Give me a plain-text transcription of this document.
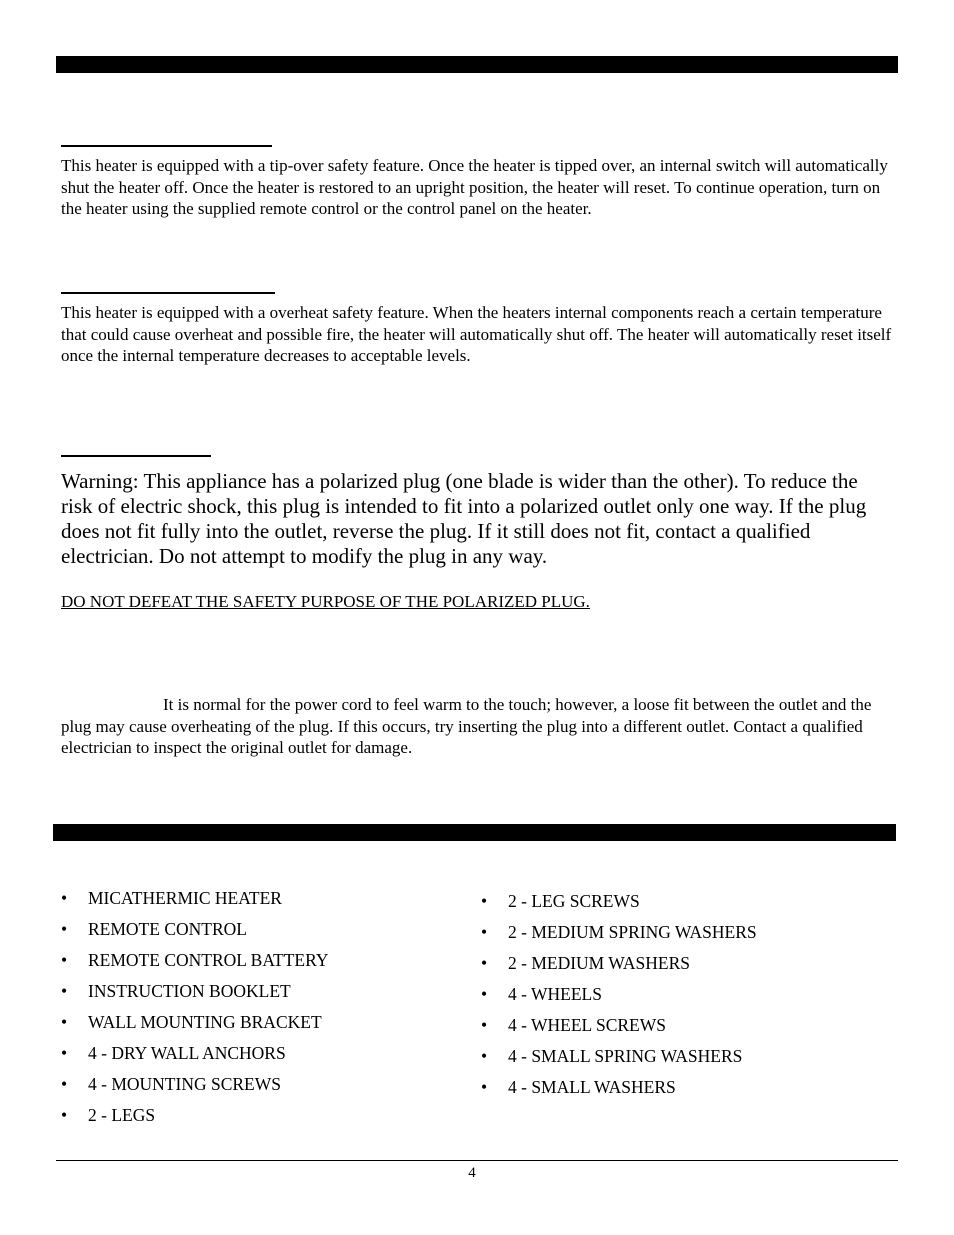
This heater is equipped with a tip-over safety feature. Once the heater is tipped over, an internal switch will automatically shut the heater off. Once the heater is restored to an upright position, the heater will reset. To continue operation, turn on the heater using the supplied remote control or the control panel on the heater.

This heater is equipped with a overheat safety feature. When the heaters internal components reach a certain temperature that could cause overheat and possible fire, the heater will automatically shut off. The heater will automatically reset itself once the internal temperature decreases to acceptable levels.

Warning: This appliance has a polarized plug (one blade is wider than the other). To reduce the risk of electric shock, this plug is intended to fit into a polarized outlet only one way. If the plug does not fit fully into the outlet, reverse the plug. If it still does not fit, contact a qualified electrician. Do not attempt to modify the plug in any way.

DO NOT DEFEAT THE SAFETY PURPOSE OF THE POLARIZED PLUG.

It is normal for the power cord to feel warm to the touch; however, a loose fit between the outlet and the plug may cause overheating of the plug. If this occurs, try inserting the plug into a different outlet. Contact a qualified electrician to inspect the original outlet for damage.

• MICATHERMIC HEATER
• REMOTE CONTROL
• REMOTE CONTROL BATTERY
• INSTRUCTION BOOKLET
• WALL MOUNTING BRACKET
• 4 - DRY WALL ANCHORS
• 4 - MOUNTING SCREWS
• 2 - LEGS
• 2 - LEG SCREWS
• 2 - MEDIUM SPRING WASHERS
• 2 - MEDIUM WASHERS
• 4 - WHEELS
• 4 - WHEEL SCREWS
• 4 - SMALL SPRING WASHERS
• 4 - SMALL WASHERS
4
